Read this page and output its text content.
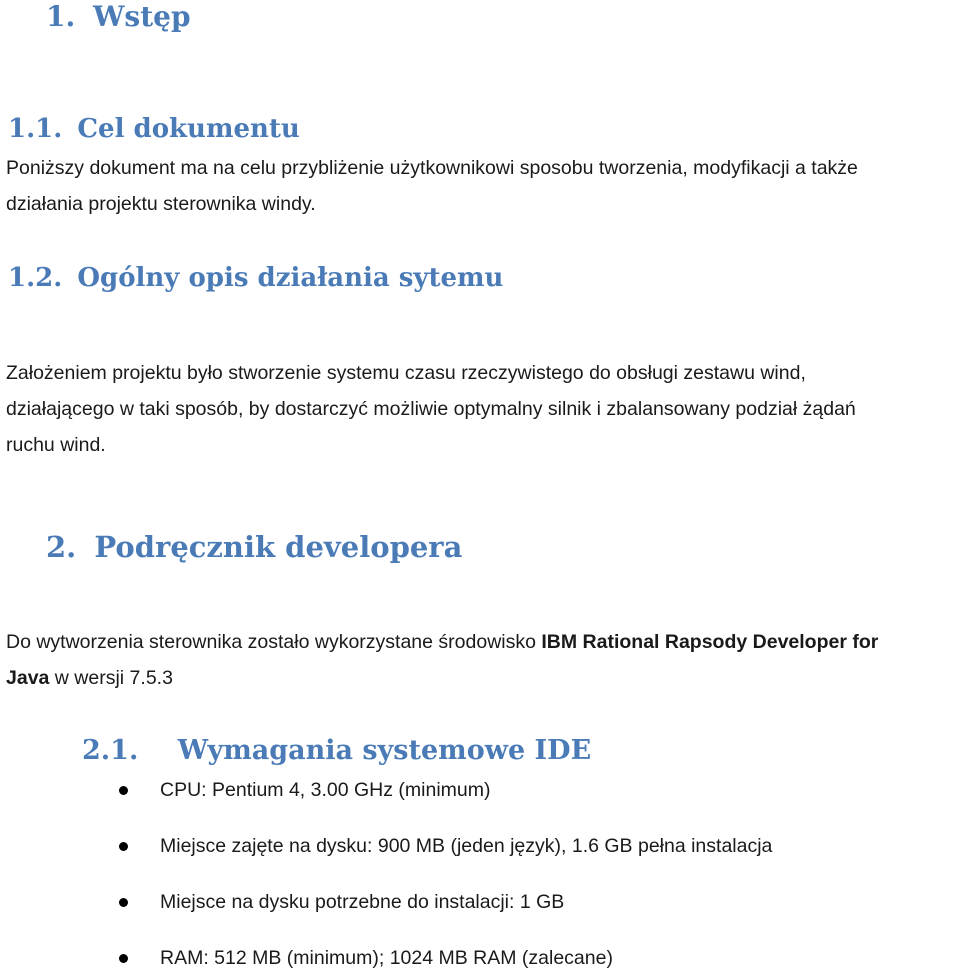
1. Wstęp
1.1. Cel dokumentu

Poniższy dokument ma na celu przybliżenie użytkownikowi sposobu tworzenia, modyfikacji a także
działania projektu sterownika windy.

1.2. Ogólny opis działania sytemu

Założeniem projektu było stworzenie systemu czasu rzeczywistego do obsługi zestawu wind,
działającego w taki sposób, by dostarczyć możliwie optymalny silnik i zbalansowany podział żądań
ruchu wind.

2. Podręcznik developera

Do wytworzenia sterownika zostało wykorzystane środowisko IBM Rational Rapsody Developer for
Java w wersji 7.5.3

2.1. Wymagania systemowe IDE
CPU: Pentium 4, 3.00 GHz (minimum)
Miejsce zajęte na dysku: 900 MB (jeden język), 1.6 GB pełna instalacja
Miejsce na dysku potrzebne do instalacji: 1 GB
RAM: 512 MB (minimum); 1024 MB RAM (zalecane)
